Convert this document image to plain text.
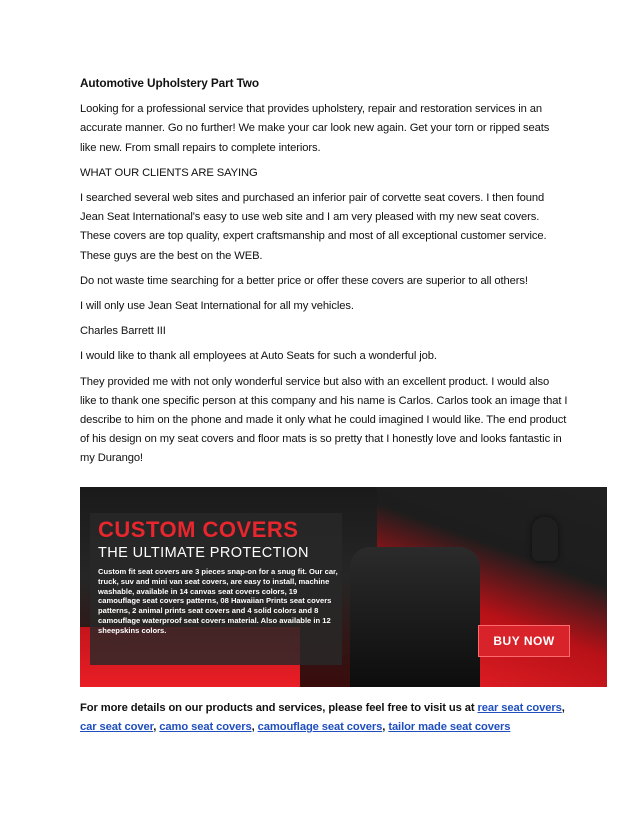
Automotive Upholstery Part Two

Looking for a professional service that provides upholstery, repair and restoration services in an accurate manner. Go no further! We make your car look new again. Get your torn or ripped seats like new. From small repairs to complete interiors.

WHAT OUR CLIENTS ARE SAYING

I searched several web sites and purchased an inferior pair of corvette seat covers. I then found Jean Seat International's easy to use web site and I am very pleased with my new seat covers. These covers are top quality, expert craftsmanship and most of all exceptional customer service. These guys are the best on the WEB.

Do not waste time searching for a better price or offer these covers are superior to all others!

I will only use Jean Seat International for all my vehicles.

Charles Barrett III

I would like to thank all employees at Auto Seats for such a wonderful job.

They provided me with not only wonderful service but also with an excellent product. I would also like to thank one specific person at this company and his name is Carlos. Carlos took an image that I describe to him on the phone and made it only what he could imagined I would like. The end product of his design on my seat covers and floor mats is so pretty that I honestly love and looks fantastic in my Durango!

CUSTOM COVERS
THE ULTIMATE PROTECTION
Custom fit seat covers are 3 pieces snap-on for a snug fit. Our car, truck, suv and mini van seat covers, are easy to install, machine washable, available in 14 canvas seat covers colors, 19 camouflage seat covers patterns, 08 Hawaiian Prints seat covers patterns, 2 animal prints seat covers and 4 solid colors and 8 camouflage waterproof seat covers material. Also available in 12 sheepskins colors.
BUY NOW
For more details on our products and services, please feel free to visit us at rear seat covers, car seat cover, camo seat covers, camouflage seat covers, tailor made seat covers
